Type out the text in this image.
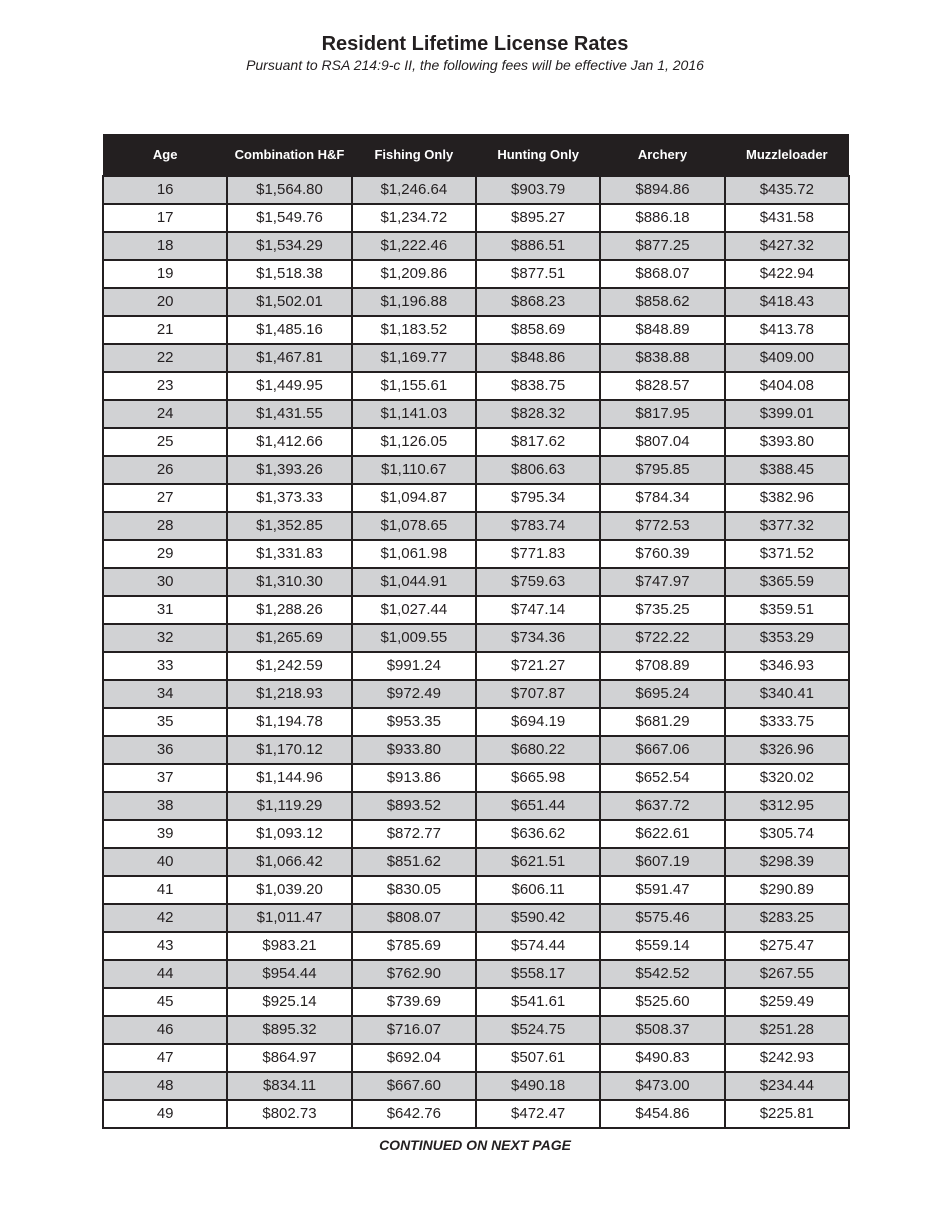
Resident Lifetime License Rates

Pursuant to RSA 214:9-c II, the following fees will be effective Jan 1, 2016

Age	Combination H&F	Fishing Only	Hunting Only	Archery	Muzzleloader
16	$1,564.80	$1,246.64	$903.79	$894.86	$435.72
17	$1,549.76	$1,234.72	$895.27	$886.18	$431.58
18	$1,534.29	$1,222.46	$886.51	$877.25	$427.32
19	$1,518.38	$1,209.86	$877.51	$868.07	$422.94
20	$1,502.01	$1,196.88	$868.23	$858.62	$418.43
21	$1,485.16	$1,183.52	$858.69	$848.89	$413.78
22	$1,467.81	$1,169.77	$848.86	$838.88	$409.00
23	$1,449.95	$1,155.61	$838.75	$828.57	$404.08
24	$1,431.55	$1,141.03	$828.32	$817.95	$399.01
25	$1,412.66	$1,126.05	$817.62	$807.04	$393.80
26	$1,393.26	$1,110.67	$806.63	$795.85	$388.45
27	$1,373.33	$1,094.87	$795.34	$784.34	$382.96
28	$1,352.85	$1,078.65	$783.74	$772.53	$377.32
29	$1,331.83	$1,061.98	$771.83	$760.39	$371.52
30	$1,310.30	$1,044.91	$759.63	$747.97	$365.59
31	$1,288.26	$1,027.44	$747.14	$735.25	$359.51
32	$1,265.69	$1,009.55	$734.36	$722.22	$353.29
33	$1,242.59	$991.24	$721.27	$708.89	$346.93
34	$1,218.93	$972.49	$707.87	$695.24	$340.41
35	$1,194.78	$953.35	$694.19	$681.29	$333.75
36	$1,170.12	$933.80	$680.22	$667.06	$326.96
37	$1,144.96	$913.86	$665.98	$652.54	$320.02
38	$1,119.29	$893.52	$651.44	$637.72	$312.95
39	$1,093.12	$872.77	$636.62	$622.61	$305.74
40	$1,066.42	$851.62	$621.51	$607.19	$298.39
41	$1,039.20	$830.05	$606.11	$591.47	$290.89
42	$1,011.47	$808.07	$590.42	$575.46	$283.25
43	$983.21	$785.69	$574.44	$559.14	$275.47
44	$954.44	$762.90	$558.17	$542.52	$267.55
45	$925.14	$739.69	$541.61	$525.60	$259.49
46	$895.32	$716.07	$524.75	$508.37	$251.28
47	$864.97	$692.04	$507.61	$490.83	$242.93
48	$834.11	$667.60	$490.18	$473.00	$234.44
49	$802.73	$642.76	$472.47	$454.86	$225.81

CONTINUED ON NEXT PAGE
